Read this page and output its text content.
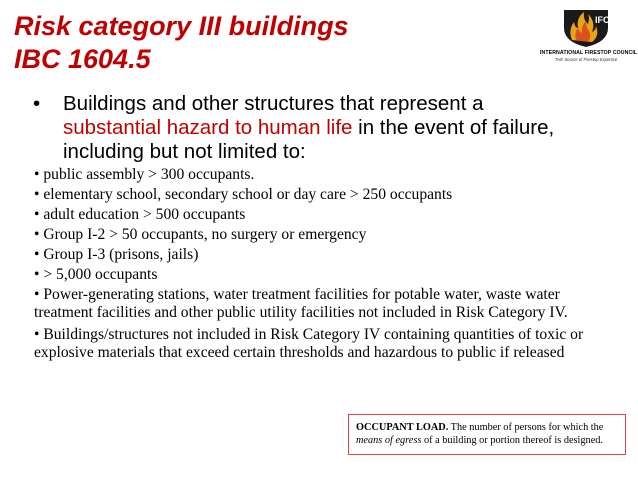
Risk category III buildings
IBC 1604.5
IFC
INTERNATIONAL FIRESTOP COUNCIL
THE Source of Firestop Expertise
• Buildings and other structures that represent a substantial hazard to human life in the event of failure, including but not limited to:
• public assembly > 300 occupants.
• elementary school, secondary school or day care > 250 occupants
• adult education > 500 occupants
• Group I-2 > 50 occupants, no surgery or emergency
• Group I-3 (prisons, jails)
• > 5,000 occupants
• Power-generating stations, water treatment facilities for potable water, waste water treatment facilities and other public utility facilities not included in Risk Category IV.
• Buildings/structures not included in Risk Category IV containing quantities of toxic or explosive materials that exceed certain thresholds and hazardous to public if released
OCCUPANT LOAD. The number of persons for which the means of egress of a building or portion thereof is designed.
